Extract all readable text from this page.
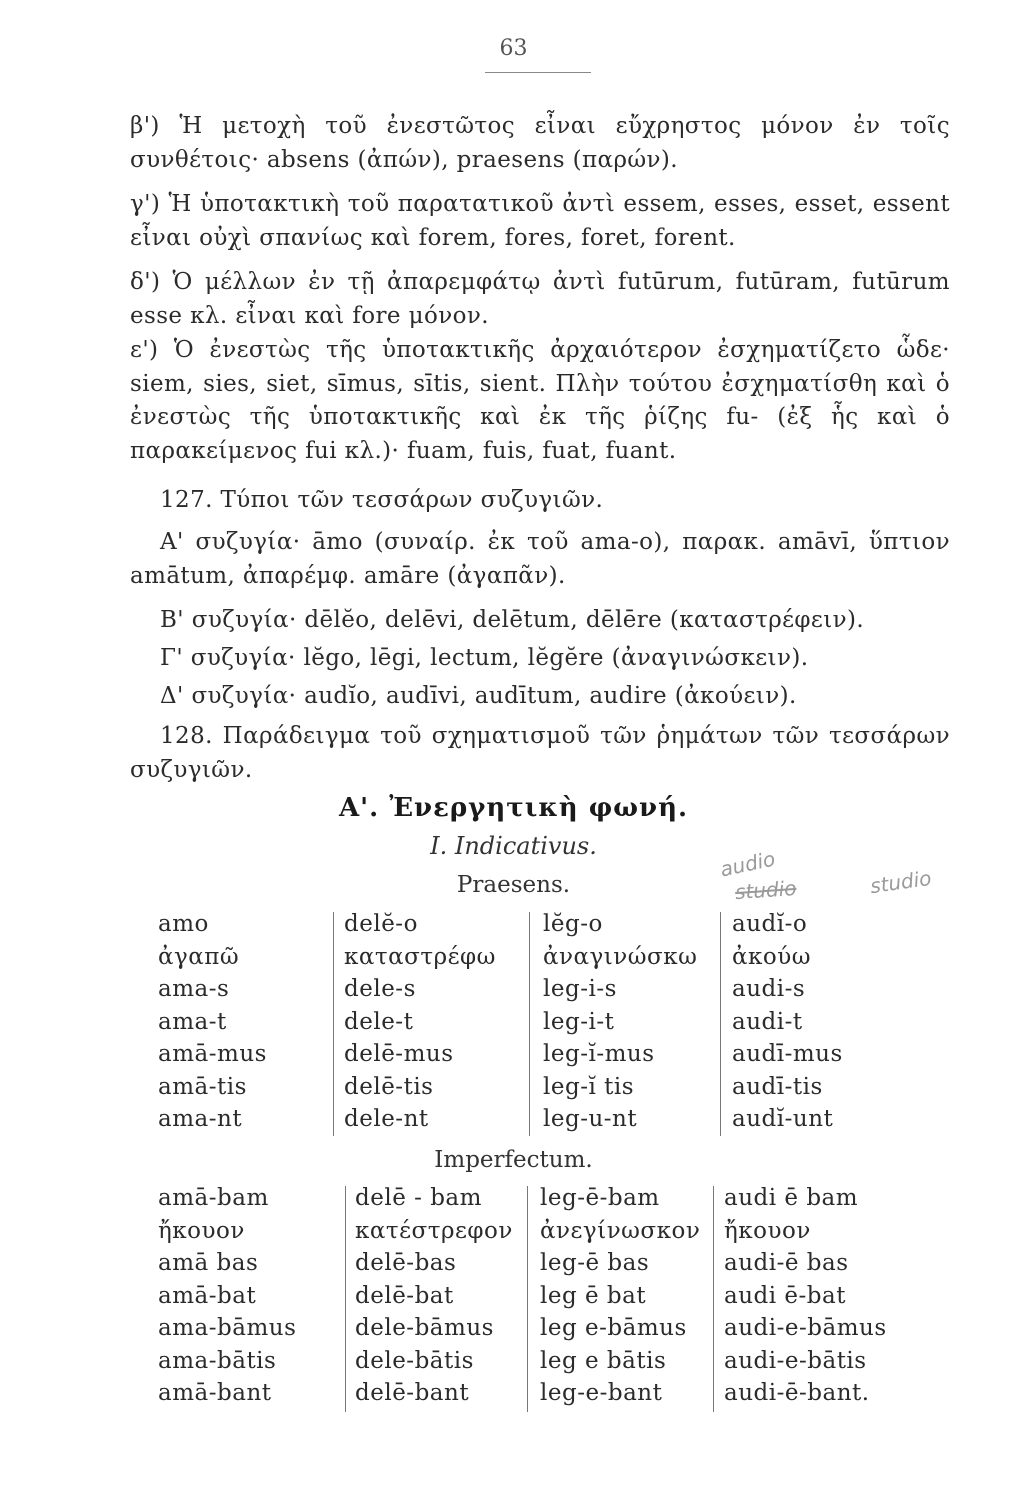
63
β') Ἡ μετοχὴ τοῦ ἐνεστῶτος εἶναι εὔχρηστος μόνον ἐν τοῖς συνθέτοις· absens (ἀπών), praesens (παρών).
γ') Ἡ ὑποτακτικὴ τοῦ παρατατικοῦ ἀντὶ essem, esses, esset, essent εἶναι οὐχὶ σπανίως καὶ forem, fores, foret, forent.
δ') Ὁ μέλλων ἐν τῇ ἀπαρεμφάτῳ ἀντὶ futūrum, futūram, futūrum esse κλ. εἶναι καὶ fore μόνον.
ε') Ὁ ἐνεστὼς τῆς ὑποτακτικῆς ἀρχαιότερον ἐσχηματίζετο ὧδε· siem, sies, siet, sīmus, sītis, sient. Πλὴν τούτου ἐσχηματίσθη καὶ ὁ ἐνεστὼς τῆς ὑποτακτικῆς καὶ ἐκ τῆς ῥίζης fu- (ἐξ ἧς καὶ ὁ παρακείμενος fui κλ.)· fuam, fuis, fuat, fuant.
127. Τύποι τῶν τεσσάρων συζυγιῶν.
Α' συζυγία· āmo (συναίρ. ἐκ τοῦ ama-o), παρακ. amāvī, ὕπτιον amātum, ἀπαρέμφ. amāre (ἀγαπᾶν).
Β' συζυγία· dēlĕo, delēvi, delētum, dēlēre (καταστρέφειν).
Γ' συζυγία· lĕgo, lēgi, lectum, lĕgĕre (ἀναγινώσκειν).
Δ' συζυγία· audĭo, audīvi, audītum, audire (ἀκούειν).
128. Παράδειγμα τοῦ σχηματισμοῦ τῶν ῥημάτων τῶν τεσσάρων συζυγιῶν.
Α'. Ἐνεργητικὴ φωνή.
I. Indicativus.
Praesens.
audio
studio	studio
amo
ἀγαπῶ
ama-s
ama-t
amā-mus
amā-tis
ama-nt
delĕ-o
καταστρέφω
dele-s
dele-t
delē-mus
delē-tis
dele-nt
lĕg-o
ἀναγινώσκω
leg-i-s
leg-i-t
leg-ĭ-mus
leg-ĭ tis
leg-u-nt
audĭ-o
ἀκούω
audi-s
audi-t
audī-mus
audī-tis
audĭ-unt
Imperfectum.
amā-bam
ἤκουον
amā bas
amā-bat
ama-bāmus
ama-bātis
amā-bant
delē - bam
κατέστρεφον
delē-bas
delē-bat
dele-bāmus
dele-bātis
delē-bant
leg-ē-bam
ἀνεγίνωσκον
leg-ē bas
leg ē bat
leg e-bāmus
leg e bātis
leg-e-bant
audi ē bam
ἤκουον
audi-ē bas
audi ē-bat
audi-e-bāmus
audi-e-bātis
audi-ē-bant.
